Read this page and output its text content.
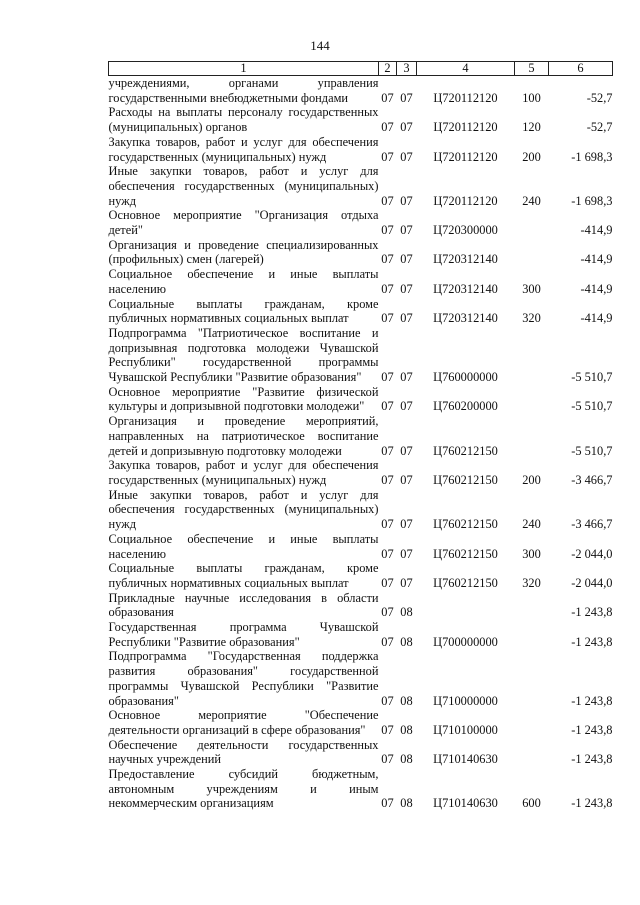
144
1	2	3	4	5	6
учреждениями, органами управления государственными внебюджетными фондами	07	07	Ц720112120	100	-52,7
Расходы на выплаты персоналу государственных (муниципальных) органов	07	07	Ц720112120	120	-52,7
Закупка товаров, работ и услуг для обеспечения государственных (муниципальных) нужд	07	07	Ц720112120	200	-1 698,3
Иные закупки товаров, работ и услуг для обеспечения государственных (муниципальных) нужд	07	07	Ц720112120	240	-1 698,3
Основное мероприятие "Организация отдыха детей"	07	07	Ц720300000		-414,9
Организация и проведение специализированных (профильных) смен (лагерей)	07	07	Ц720312140		-414,9
Социальное обеспечение и иные выплаты населению	07	07	Ц720312140	300	-414,9
Социальные выплаты гражданам, кроме публичных нормативных социальных выплат	07	07	Ц720312140	320	-414,9
Подпрограмма "Патриотическое воспитание и допризывная подготовка молодежи Чувашской Республики" государственной программы Чувашской Республики "Развитие образования"	07	07	Ц760000000		-5 510,7
Основное мероприятие "Развитие физической культуры и допризывной подготовки молодежи"	07	07	Ц760200000		-5 510,7
Организация и проведение мероприятий, направленных на патриотическое воспитание детей и допризывную подготовку молодежи	07	07	Ц760212150		-5 510,7
Закупка товаров, работ и услуг для обеспечения государственных (муниципальных) нужд	07	07	Ц760212150	200	-3 466,7
Иные закупки товаров, работ и услуг для обеспечения государственных (муниципальных) нужд	07	07	Ц760212150	240	-3 466,7
Социальное обеспечение и иные выплаты населению	07	07	Ц760212150	300	-2 044,0
Социальные выплаты гражданам, кроме публичных нормативных социальных выплат	07	07	Ц760212150	320	-2 044,0
Прикладные научные исследования в области образования	07	08			-1 243,8
Государственная программа Чувашской Республики "Развитие образования"	07	08	Ц700000000		-1 243,8
Подпрограмма "Государственная поддержка развития образования" государственной программы Чувашской Республики "Развитие образования"	07	08	Ц710000000		-1 243,8
Основное мероприятие "Обеспечение деятельности организаций в сфере образования"	07	08	Ц710100000		-1 243,8
Обеспечение деятельности государственных научных учреждений	07	08	Ц710140630		-1 243,8
Предоставление субсидий бюджетным, автономным учреждениям и иным некоммерческим организациям	07	08	Ц710140630	600	-1 243,8
